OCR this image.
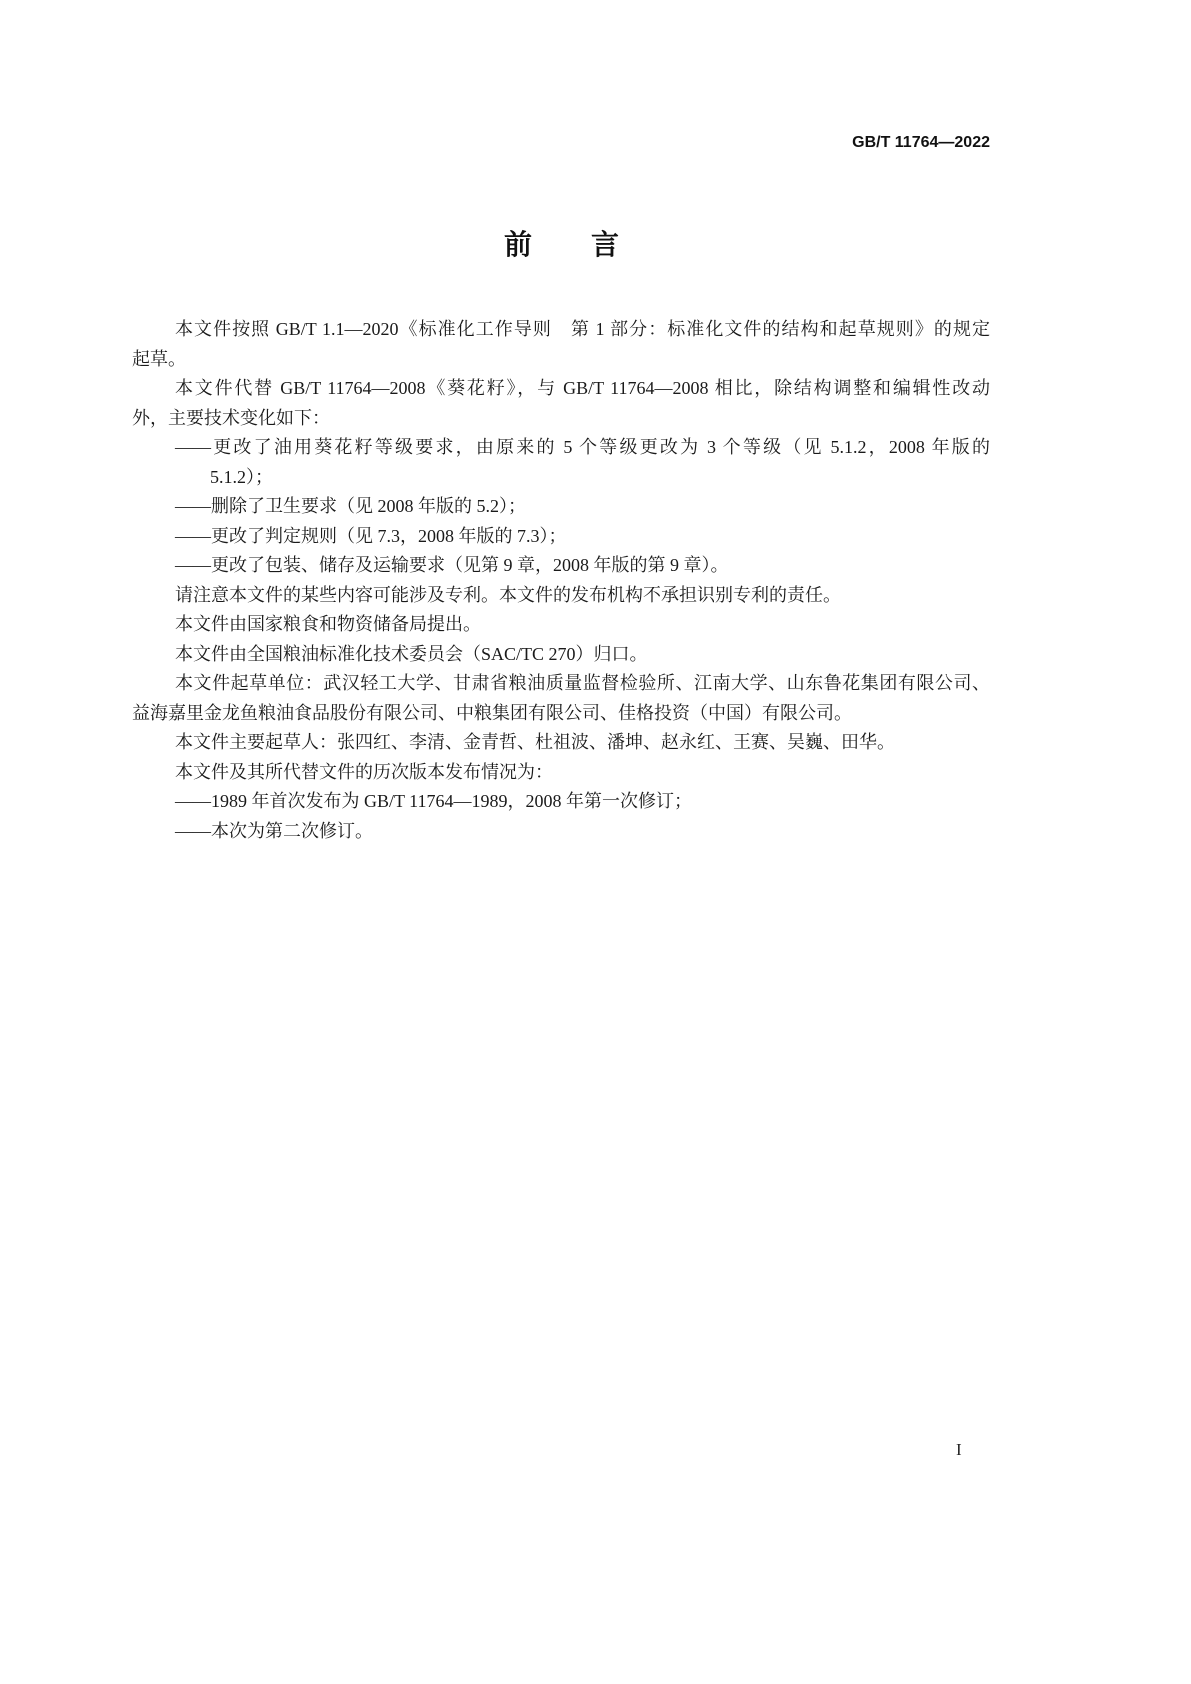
GB/T 11764—2022
前言
本文件按照 GB/T 1.1—2020《标准化工作导则　第 1 部分：标准化文件的结构和起草规则》的规定
起草。
本文件代替 GB/T 11764—2008《葵花籽》，与 GB/T 11764—2008 相比，除结构调整和编辑性改动
外，主要技术变化如下：
——更改了油用葵花籽等级要求，由原来的 5 个等级更改为 3 个等级（见 5.1.2，2008 年版的
5.1.2）；
——删除了卫生要求（见 2008 年版的 5.2）；
——更改了判定规则（见 7.3，2008 年版的 7.3）；
——更改了包装、储存及运输要求（见第 9 章，2008 年版的第 9 章）。
请注意本文件的某些内容可能涉及专利。本文件的发布机构不承担识别专利的责任。
本文件由国家粮食和物资储备局提出。
本文件由全国粮油标准化技术委员会（SAC/TC 270）归口。
本文件起草单位：武汉轻工大学、甘肃省粮油质量监督检验所、江南大学、山东鲁花集团有限公司、
益海嘉里金龙鱼粮油食品股份有限公司、中粮集团有限公司、佳格投资（中国）有限公司。
本文件主要起草人：张四红、李清、金青哲、杜祖波、潘坤、赵永红、王赛、吴巍、田华。
本文件及其所代替文件的历次版本发布情况为：
——1989 年首次发布为 GB/T 11764—1989，2008 年第一次修订；
——本次为第二次修订。
I
